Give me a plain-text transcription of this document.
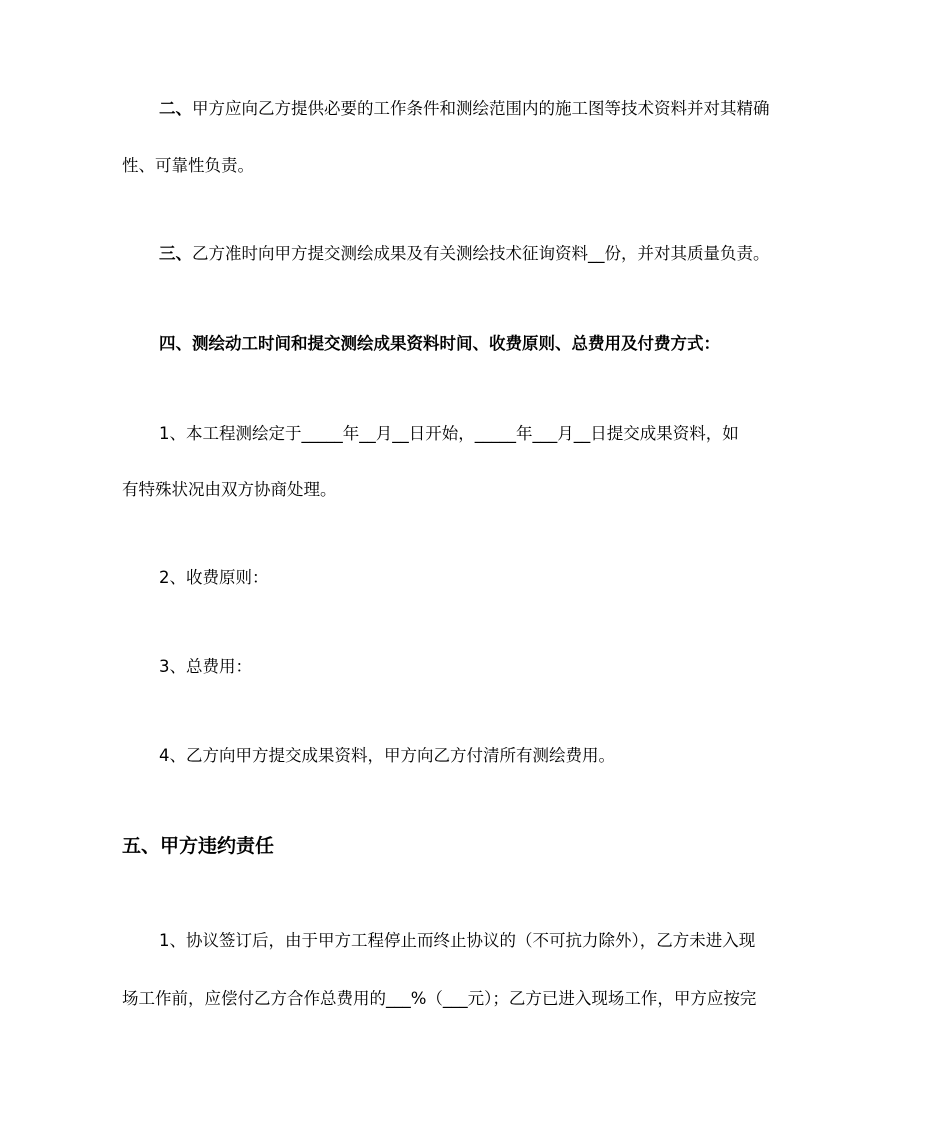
二、甲方应向乙方提供必要的工作条件和测绘范围内的施工图等技术资料并对其精确
性、可靠性负责。
三、乙方准时向甲方提交测绘成果及有关测绘技术征询资料__份，并对其质量负责。
四、测绘动工时间和提交测绘成果资料时间、收费原则、总费用及付费方式：
1、本工程测绘定于_____年__月__日开始，_____年___月__日提交成果资料，如
有特殊状况由双方协商处理。
2、收费原则：
3、总费用：
4、乙方向甲方提交成果资料，甲方向乙方付清所有测绘费用。
五、甲方违约责任
1、协议签订后，由于甲方工程停止而终止协议的（不可抗力除外），乙方未进入现
场工作前，应偿付乙方合作总费用的___%（___元）；乙方已进入现场工作，甲方应按完
